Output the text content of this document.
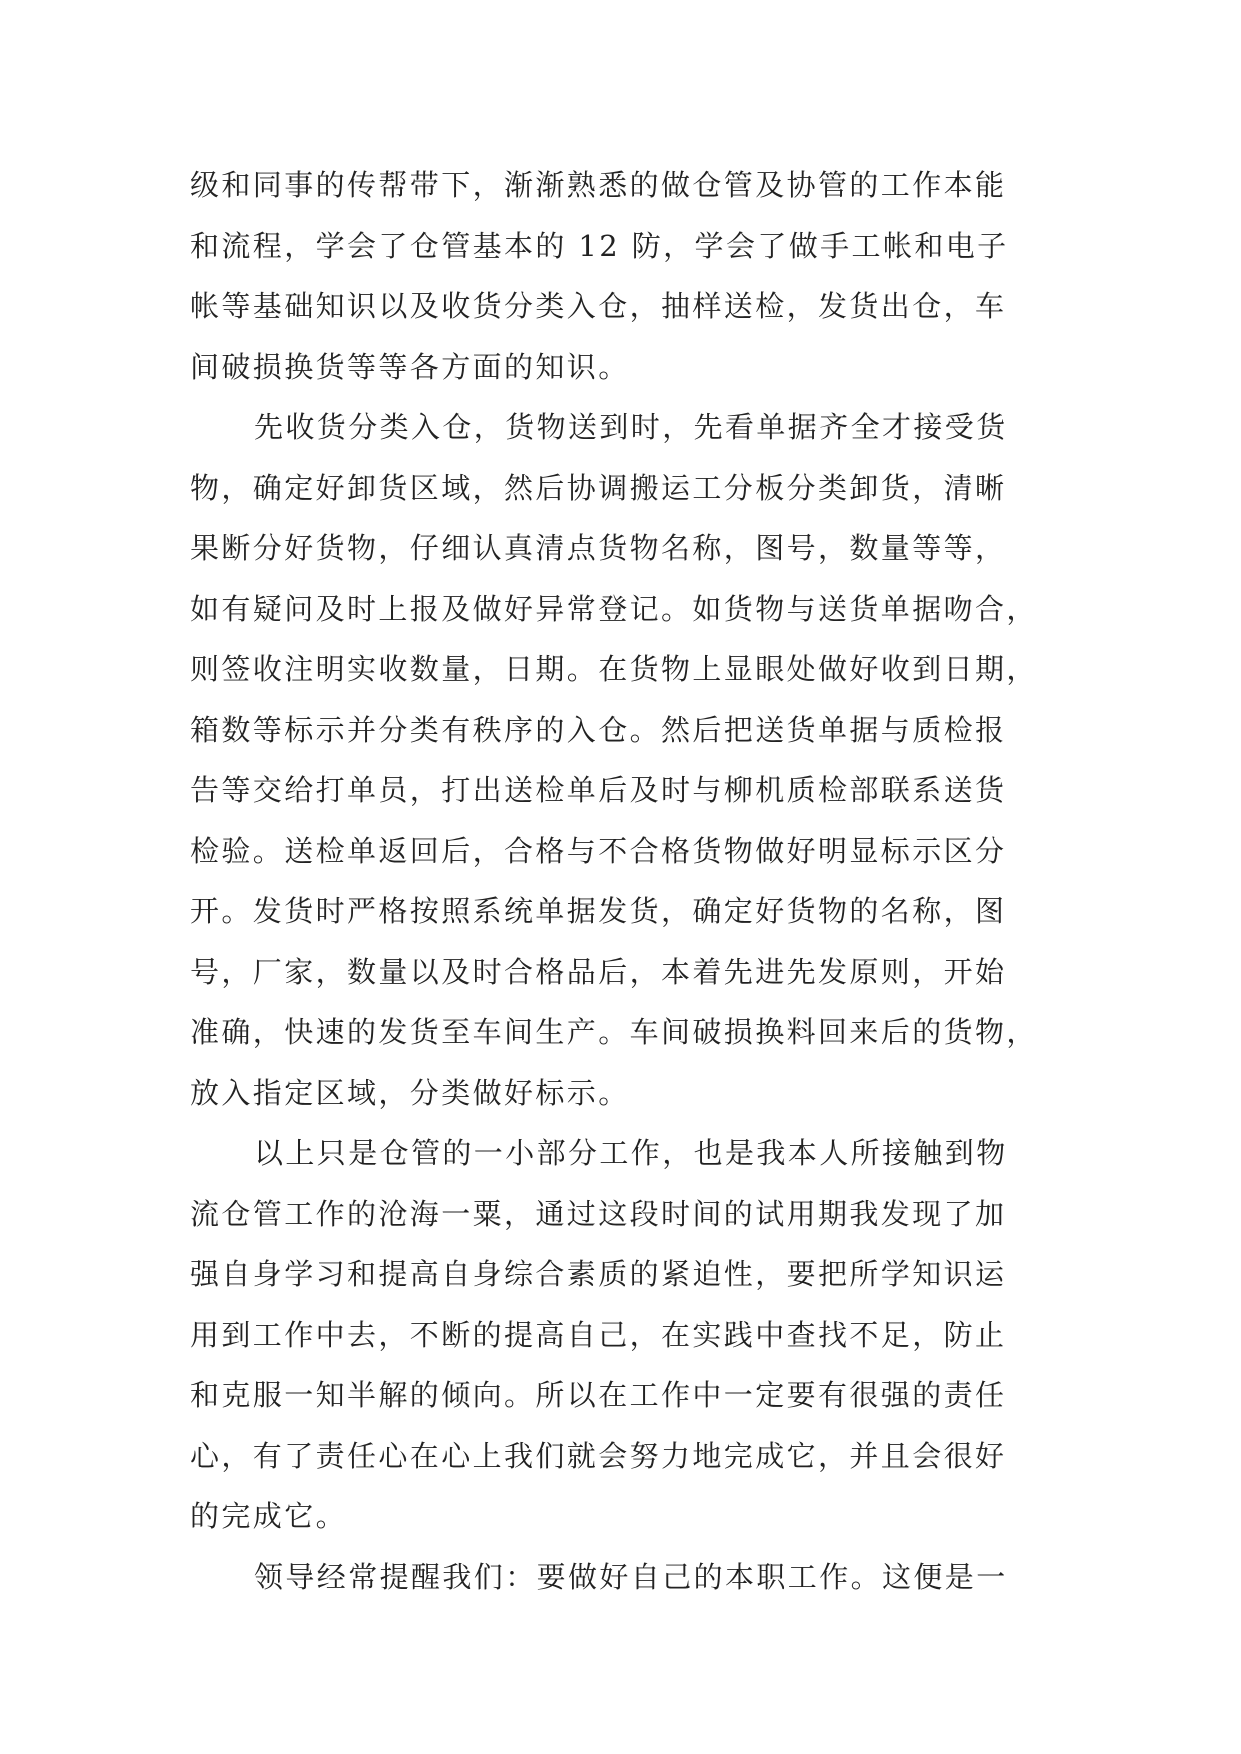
级和同事的传帮带下，渐渐熟悉的做仓管及协管的工作本能
和流程，学会了仓管基本的 12 防，学会了做手工帐和电子
帐等基础知识以及收货分类入仓，抽样送检，发货出仓，车
间破损换货等等各方面的知识。
先收货分类入仓，货物送到时，先看单据齐全才接受货
物，确定好卸货区域，然后协调搬运工分板分类卸货，清晰
果断分好货物，仔细认真清点货物名称，图号，数量等等，
如有疑问及时上报及做好异常登记。如货物与送货单据吻合，
则签收注明实收数量，日期。在货物上显眼处做好收到日期，
箱数等标示并分类有秩序的入仓。然后把送货单据与质检报
告等交给打单员，打出送检单后及时与柳机质检部联系送货
检验。送检单返回后，合格与不合格货物做好明显标示区分
开。发货时严格按照系统单据发货，确定好货物的名称，图
号，厂家，数量以及时合格品后，本着先进先发原则，开始
准确，快速的发货至车间生产。车间破损换料回来后的货物，
放入指定区域，分类做好标示。
以上只是仓管的一小部分工作，也是我本人所接触到物
流仓管工作的沧海一粟，通过这段时间的试用期我发现了加
强自身学习和提高自身综合素质的紧迫性，要把所学知识运
用到工作中去，不断的提高自己，在实践中查找不足，防止
和克服一知半解的倾向。所以在工作中一定要有很强的责任
心，有了责任心在心上我们就会努力地完成它，并且会很好
的完成它。
领导经常提醒我们：要做好自己的本职工作。这便是一
